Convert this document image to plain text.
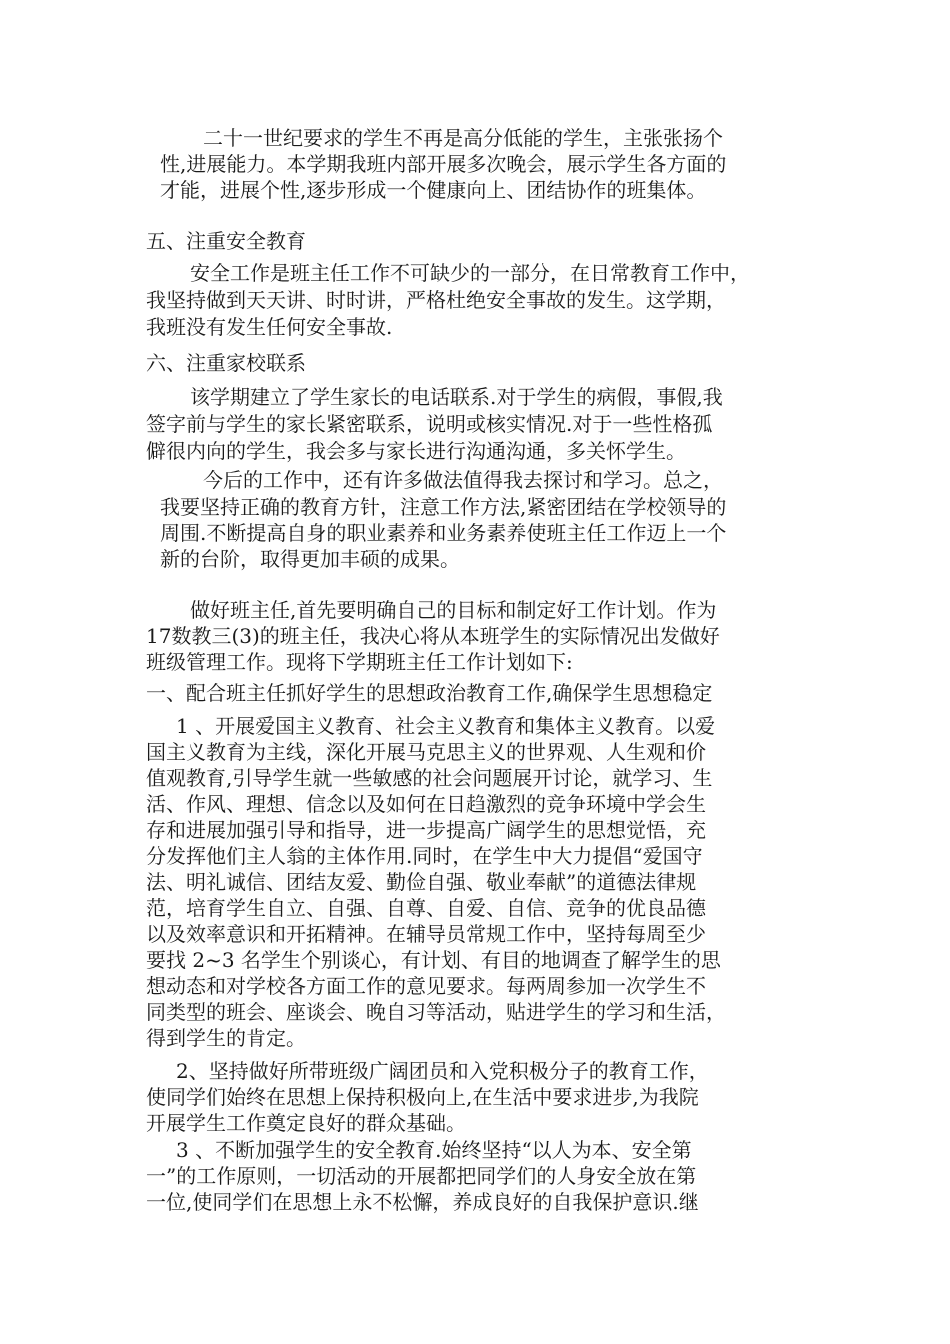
二十一世纪要求的学生不再是高分低能的学生，主张张扬个
性,进展能力。本学期我班内部开展多次晚会，展示学生各方面的
才能，进展个性,逐步形成一个健康向上、团结协作的班集体。
五、注重安全教育
安全工作是班主任工作不可缺少的一部分，在日常教育工作中，
我坚持做到天天讲、时时讲，严格杜绝安全事故的发生。这学期，
我班没有发生任何安全事故.
六、注重家校联系
该学期建立了学生家长的电话联系.对于学生的病假，事假,我
签字前与学生的家长紧密联系，说明或核实情况.对于一些性格孤
僻很内向的学生，我会多与家长进行沟通沟通，多关怀学生。
今后的工作中，还有许多做法值得我去探讨和学习。总之，
我要坚持正确的教育方针，注意工作方法,紧密团结在学校领导的
周围.不断提高自身的职业素养和业务素养使班主任工作迈上一个
新的台阶，取得更加丰硕的成果。
做好班主任,首先要明确自己的目标和制定好工作计划。作为
17数教三(3)的班主任，我决心将从本班学生的实际情况出发做好
班级管理工作。现将下学期班主任工作计划如下:
一、配合班主任抓好学生的思想政治教育工作,确保学生思想稳定
1 、开展爱国主义教育、社会主义教育和集体主义教育。以爱
国主义教育为主线，深化开展马克思主义的世界观、人生观和价
值观教育,引导学生就一些敏感的社会问题展开讨论，就学习、生
活、作风、理想、信念以及如何在日趋激烈的竞争环境中学会生
存和进展加强引导和指导，进一步提高广阔学生的思想觉悟，充
分发挥他们主人翁的主体作用.同时，在学生中大力提倡“爱国守
法、明礼诚信、团结友爱、勤俭自强、敬业奉献”的道德法律规
范，培育学生自立、自强、自尊、自爱、自信、竞争的优良品德
以及效率意识和开拓精神。在辅导员常规工作中，坚持每周至少
要找 2~3 名学生个别谈心，有计划、有目的地调查了解学生的思
想动态和对学校各方面工作的意见要求。每两周参加一次学生不
同类型的班会、座谈会、晚自习等活动，贴进学生的学习和生活，
得到学生的肯定。
2、坚持做好所带班级广阔团员和入党积极分子的教育工作，
使同学们始终在思想上保持积极向上,在生活中要求进步,为我院
开展学生工作奠定良好的群众基础。
3 、不断加强学生的安全教育.始终坚持“以人为本、安全第
一”的工作原则，一切活动的开展都把同学们的人身安全放在第
一位,使同学们在思想上永不松懈，养成良好的自我保护意识.继
